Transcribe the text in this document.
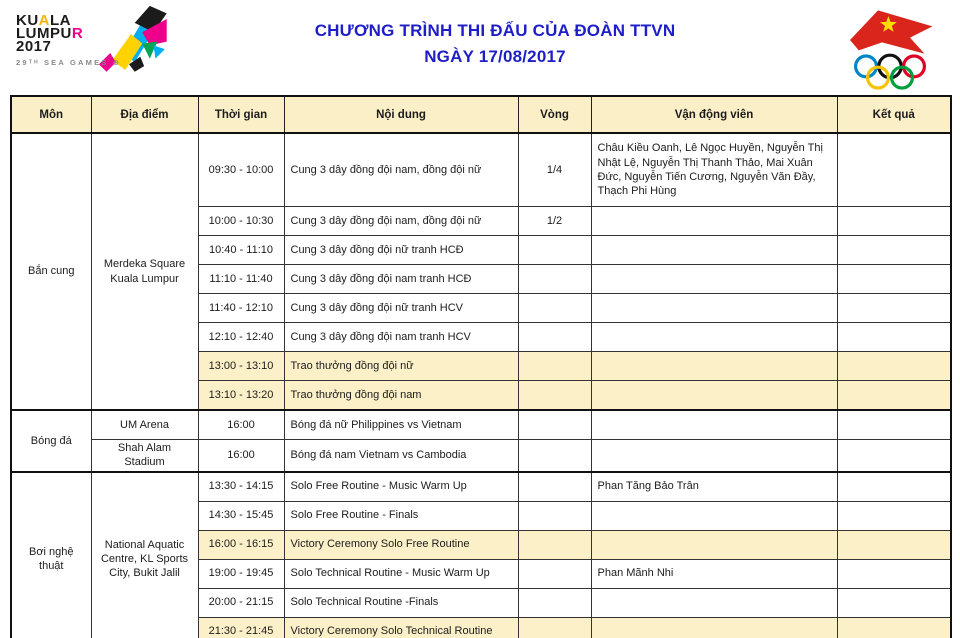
KUALA
LUMPUR
2017
29ᵀᴴ SEA GAMES ⊕
CHƯƠNG TRÌNH THI ĐẤU CỦA ĐOÀN TTVN
NGÀY 17/08/2017
Môn	Địa điểm	Thời gian	Nội dung	Vòng	Vận động viên	Kết quả
Bắn cung	Merdeka Square Kuala Lumpur	09:30 - 10:00	Cung 3 dây đồng đội nam, đồng đội nữ	1/4	Châu Kiều Oanh, Lê Ngọc Huyền, Nguyễn Thị Nhật Lệ, Nguyễn Thị Thanh Thảo, Mai Xuân Đức, Nguyễn Tiến Cương, Nguyễn Văn Đầy, Thạch Phi Hùng	
		10:00 - 10:30	Cung 3 dây đồng đội nam, đồng đội nữ	1/2		
		10:40 - 11:10	Cung 3 dây đồng đội nữ tranh HCĐ			
		11:10 - 11:40	Cung 3 dây đồng đội nam tranh HCĐ			
		11:40 - 12:10	Cung 3 dây đồng đội nữ tranh HCV			
		12:10 - 12:40	Cung 3 dây đồng đội nam tranh HCV			
		13:00 - 13:10	Trao thưởng đồng đội nữ			
		13:10 - 13:20	Trao thưởng đồng đội nam			
Bóng đá	UM Arena	16:00	Bóng đá nữ Philippines vs Vietnam			
	Shah Alam Stadium	16:00	Bóng đá nam Vietnam vs Cambodia			
Bơi nghệ thuật	National Aquatic Centre, KL Sports City, Bukit Jalil	13:30 - 14:15	Solo Free Routine - Music Warm Up		Phan Tăng Bảo Trân	
		14:30 - 15:45	Solo Free Routine - Finals			
		16:00 - 16:15	Victory Ceremony Solo Free Routine			
		19:00 - 19:45	Solo Technical Routine - Music Warm Up		Phan Mãnh Nhi	
		20:00 - 21:15	Solo Technical Routine -Finals			
		21:30 - 21:45	Victory Ceremony Solo Technical Routine			
